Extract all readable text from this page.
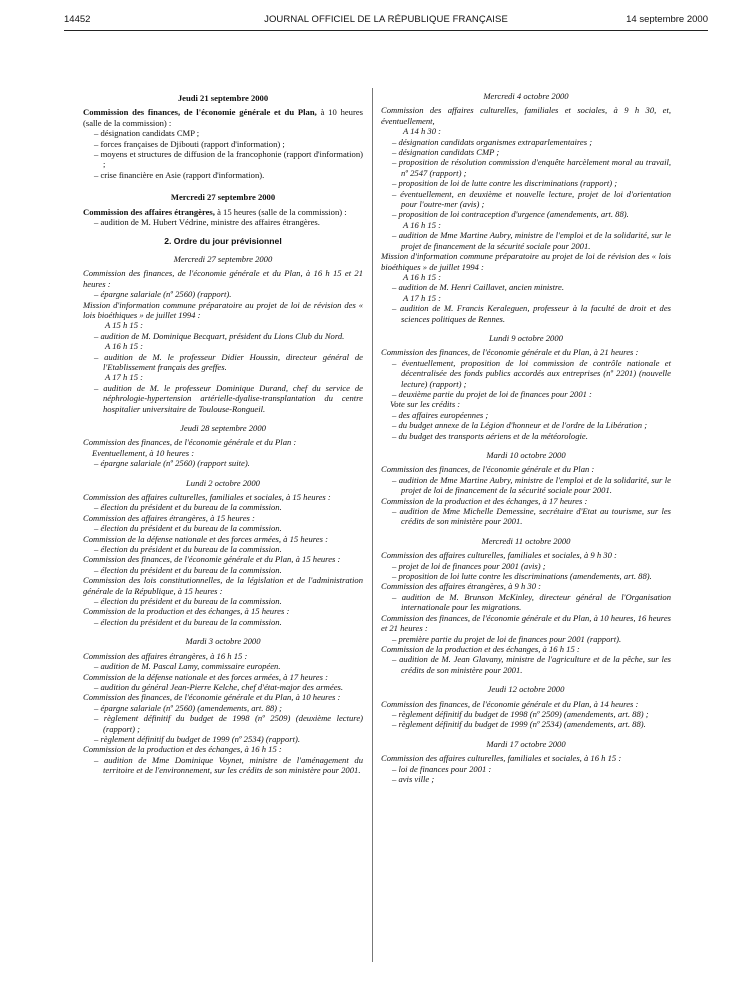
14452	JOURNAL OFFICIEL DE LA RÉPUBLIQUE FRANÇAISE	14 septembre 2000
Jeudi 21 septembre 2000
Commission des finances, de l'économie générale et du Plan, à 10 heures (salle de la commission) :
– désignation candidats CMP ;
– forces françaises de Djibouti (rapport d'information) ;
– moyens et structures de diffusion de la francophonie (rapport d'information) ;
– crise financière en Asie (rapport d'information).
Mercredi 27 septembre 2000
Commission des affaires étrangères, à 15 heures (salle de la commission) :
– audition de M. Hubert Védrine, ministre des affaires étrangères.
2. Ordre du jour prévisionnel
Mercredi 27 septembre 2000
Commission des finances, de l'économie générale et du Plan, à 16 h 15 et 21 heures :
– épargne salariale (nº 2560) (rapport).
Mission d'information commune préparatoire au projet de loi de révision des « lois bioéthiques » de juillet 1994 :
A 15 h 15 :
– audition de M. Dominique Becquart, président du Lions Club du Nord.
A 16 h 15 :
– audition de M. le professeur Didier Houssin, directeur général de l'Etablissement français des greffes.
A 17 h 15 :
– audition de M. le professeur Dominique Durand, chef du service de néphrologie-hypertension artérielle-dyalise-transplantation du centre hospitalier universitaire de Toulouse-Rongueil.
Jeudi 28 septembre 2000
Commission des finances, de l'économie générale et du Plan :
Eventuellement, à 10 heures :
– épargne salariale (nº 2560) (rapport suite).
Lundi 2 octobre 2000
Commission des affaires culturelles, familiales et sociales, à 15 heures :
– élection du président et du bureau de la commission.
Commission des affaires étrangères, à 15 heures :
– élection du président et du bureau de la commission.
Commission de la défense nationale et des forces armées, à 15 heures :
– élection du président et du bureau de la commission.
Commission des finances, de l'économie générale et du Plan, à 15 heures :
– élection du président et du bureau de la commission.
Commission des lois constitutionnelles, de la législation et de l'administration générale de la République, à 15 heures :
– élection du président et du bureau de la commission.
Commission de la production et des échanges, à 15 heures :
– élection du président et du bureau de la commission.
Mardi 3 octobre 2000
Commission des affaires étrangères, à 16 h 15 :
– audition de M. Pascal Lamy, commissaire européen.
Commission de la défense nationale et des forces armées, à 17 heures :
– audition du général Jean-Pierre Kelche, chef d'état-major des armées.
Commission des finances, de l'économie générale et du Plan, à 10 heures :
– épargne salariale (nº 2560) (amendements, art. 88) ;
– règlement définitif du budget de 1998 (nº 2509) (deuxième lecture) (rapport) ;
– règlement définitif du budget de 1999 (nº 2534) (rapport).
Commission de la production et des échanges, à 16 h 15 :
– audition de Mme Dominique Voynet, ministre de l'aménagement du territoire et de l'environnement, sur les crédits de son ministère pour 2001.
Mercredi 4 octobre 2000
Commission des affaires culturelles, familiales et sociales, à 9 h 30, et, éventuellement,
A 14 h 30 :
– désignation candidats organismes extraparlementaires ;
– désignation candidats CMP ;
– proposition de résolution commission d'enquête harcèlement moral au travail, nº 2547 (rapport) ;
– proposition de loi de lutte contre les discriminations (rapport) ;
– éventuellement, en deuxième et nouvelle lecture, projet de loi d'orientation pour l'outre-mer (avis) ;
– proposition de loi contraception d'urgence (amendements, art. 88).
A 16 h 15 :
– audition de Mme Martine Aubry, ministre de l'emploi et de la solidarité, sur le projet de financement de la sécurité sociale pour 2001.
Mission d'information commune préparatoire au projet de loi de révision des « lois bioéthiques » de juillet 1994 :
A 16 h 15 :
– audition de M. Henri Caillavet, ancien ministre.
A 17 h 15 :
– audition de M. Francis Keraleguen, professeur à la faculté de droit et des sciences politiques de Rennes.
Lundi 9 octobre 2000
Commission des finances, de l'économie générale et du Plan, à 21 heures :
– éventuellement, proposition de loi commission de contrôle nationale et décentralisée des fonds publics accordés aux entreprises (nº 2201) (nouvelle lecture) (rapport) ;
– deuxième partie du projet de loi de finances pour 2001 :
Vote sur les crédits :
– des affaires européennes ;
– du budget annexe de la Légion d'honneur et de l'ordre de la Libération ;
– du budget des transports aériens et de la météorologie.
Mardi 10 octobre 2000
Commission des finances, de l'économie générale et du Plan :
– audition de Mme Martine Aubry, ministre de l'emploi et de la solidarité, sur le projet de loi de financement de la sécurité sociale pour 2001.
Commission de la production et des échanges, à 17 heures :
– audition de Mme Michelle Demessine, secrétaire d'Etat au tourisme, sur les crédits de son ministère pour 2001.
Mercredi 11 octobre 2000
Commission des affaires culturelles, familiales et sociales, à 9 h 30 :
– projet de loi de finances pour 2001 (avis) ;
– proposition de loi lutte contre les discriminations (amendements, art. 88).
Commission des affaires étrangères, à 9 h 30 :
– audition de M. Brunson McKinley, directeur général de l'Organisation internationale pour les migrations.
Commission des finances, de l'économie générale et du Plan, à 10 heures, 16 heures et 21 heures :
– première partie du projet de loi de finances pour 2001 (rapport).
Commission de la production et des échanges, à 16 h 15 :
– audition de M. Jean Glavany, ministre de l'agriculture et de la pêche, sur les crédits de son ministère pour 2001.
Jeudi 12 octobre 2000
Commission des finances, de l'économie générale et du Plan, à 14 heures :
– règlement définitif du budget de 1998 (nº 2509) (amendements, art. 88) ;
– règlement définitif du budget de 1999 (nº 2534) (amendements, art. 88).
Mardi 17 octobre 2000
Commission des affaires culturelles, familiales et sociales, à 16 h 15 :
– loi de finances pour 2001 :
– avis ville ;
